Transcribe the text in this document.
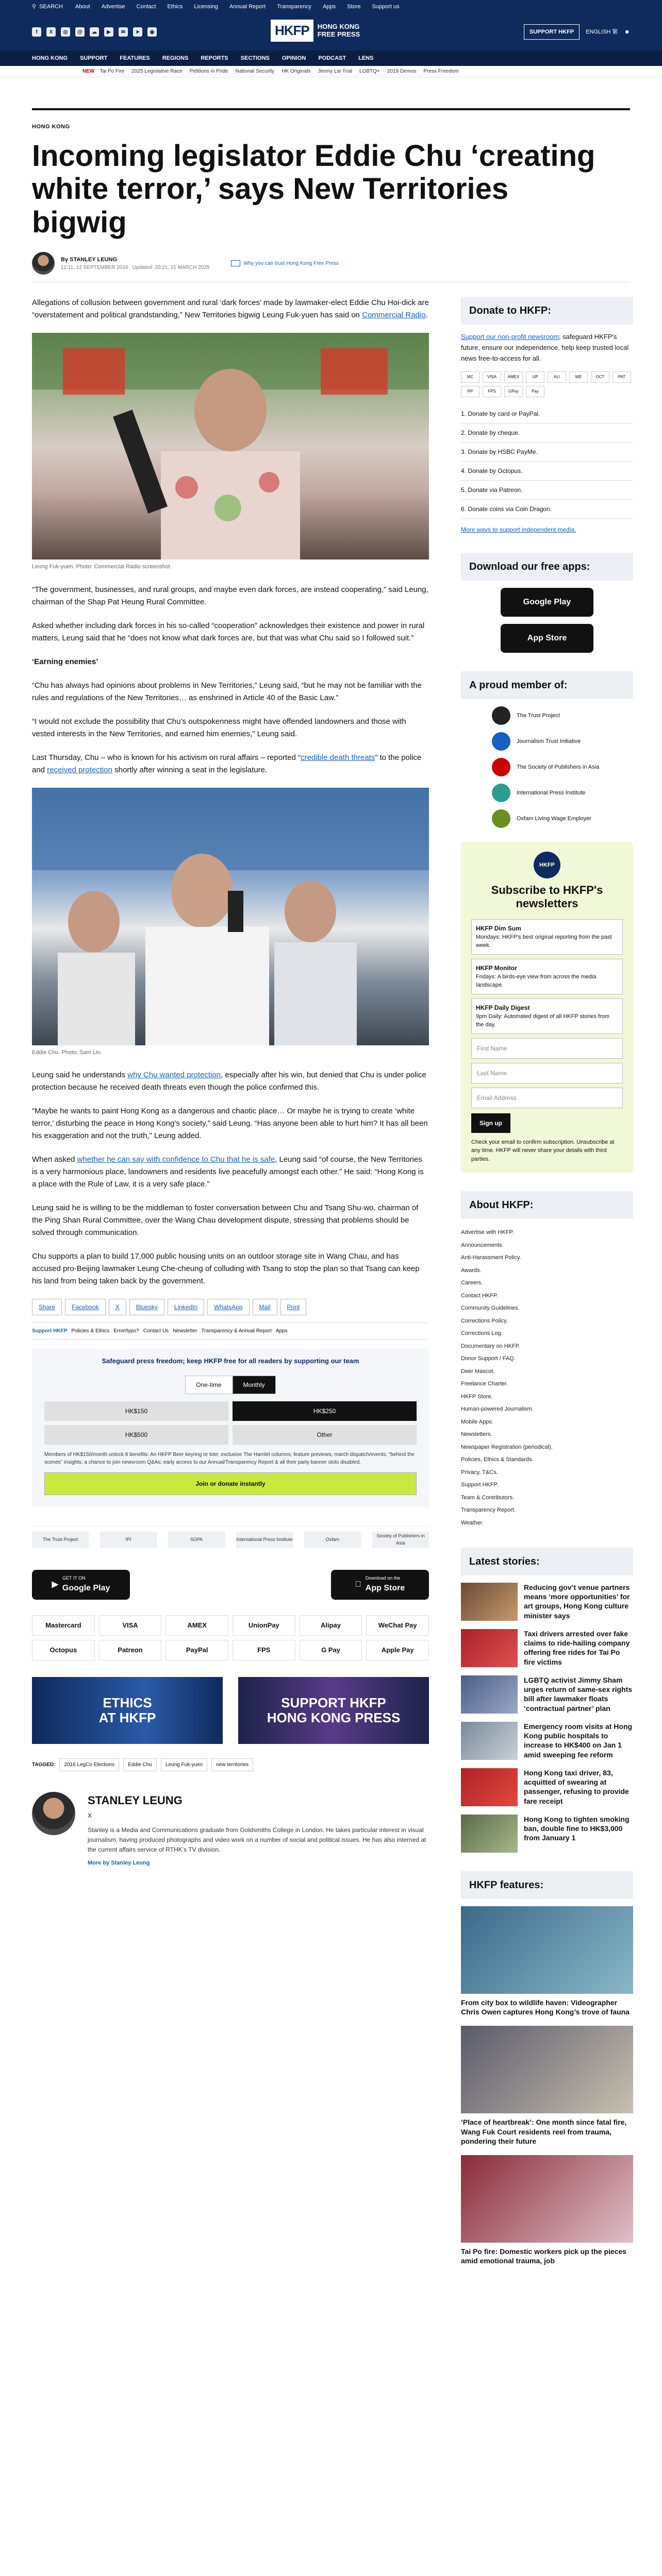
⚲ SEARCH About Advertise Contact Ethics Licensing Annual Report Transparency Apps Store Support us
f	X	◎	@	☁	▶	✉	➤	◉	HKFP	HONG KONG
FREE PRESS	SUPPORT HKFP	ENGLISH 繁 ☻
HONG KONG SUPPORT FEATURES REGIONS REPORTS SECTIONS OPINION PODCAST LENS
NEW Tai Po Fire 2025 Legislative Race Petitions in Pride National Security HK Originals Jimmy Lai Trial LGBTQ+ 2019 Demos Press Freedom
HONG KONG
Incoming legislator Eddie Chu ‘creating white terror,’ says New Territories bigwig
By STANLEY LEUNG
12:11, 12 SEPTEMBER 2016 Updated: 20:21, 21 MARCH 2025
Why you can trust Hong Kong Free Press

Allegations of collusion between government and rural ‘dark forces’ made by lawmaker-elect Eddie Chu Hoi-dick are “overstatement and political grandstanding,” New Territories bigwig Leung Fuk-yuen has said on Commercial Radio.

Leung Fuk-yuen. Photo: Commercial Radio screenshot.

“The government, businesses, and rural groups, and maybe even dark forces, are instead cooperating,” said Leung, chairman of the Shap Pat Heung Rural Committee.

Asked whether including dark forces in his so-called “cooperation” acknowledges their existence and power in rural matters, Leung said that he “does not know what dark forces are, but that was what Chu said so I followed suit.”

‘Earning enemies’

“Chu has always had opinions about problems in New Territories,” Leung said, “but he may not be familiar with the rules and regulations of the New Territories… as enshrined in Article 40 of the Basic Law.”

“I would not exclude the possibility that Chu’s outspokenness might have offended landowners and those with vested interests in the New Territories, and earned him enemies,” Leung said.

Last Thursday, Chu – who is known for his activism on rural affairs – reported “credible death threats” to the police and received protection shortly after winning a seat in the legislature.

Eddie Chu. Photo: Sam Lin.

Leung said he understands why Chu wanted protection, especially after his win, but denied that Chu is under police protection because he received death threats even though the police confirmed this.

“Maybe he wants to paint Hong Kong as a dangerous and chaotic place… Or maybe he is trying to create ‘white terror,’ disturbing the peace in Hong Kong’s society,” said Leung. “Has anyone been able to hurt him? It has all been his exaggeration and not the truth,” Leung added.

When asked whether he can say with confidence to Chu that he is safe, Leung said “of course, the New Territories is a very harmonious place, landowners and residents live peacefully amongst each other.” He said: “Hong Kong is a place with the Rule of Law, it is a very safe place.”

Leung said he is willing to be the middleman to foster conversation between Chu and Tsang Shu-wo, chairman of the Ping Shan Rural Committee, over the Wang Chau development dispute, stressing that problems should be solved through communication.

Chu supports a plan to build 17,000 public housing units on an outdoor storage site in Wang Chau, and has accused pro-Beijing lawmaker Leung Che-cheung of colluding with Tsang to stop the plan so that Tsang can keep his land from being taken back by the government.

Share	Facebook	X	Bluesky	LinkedIn	WhatsApp	Mail	Print
Support HKFP Policies & Ethics Error/typo? Contact Us Newsletter Transparency & Annual Report Apps
Safeguard press freedom; keep HKFP free for all readers by supporting our team
One-time	Monthly
HK$150	HK$250
HK$500	Other
Members of HK$150/month unlock 8 benefits: An HKFP Beer keyring or tote; exclusive The Hamlet columns; feature previews; march dispatch/events; "behind the scenes" insights; a chance to join newsroom Q&As; early access to our Annual/Transparency Report & all their party banner slots disabled.
Join or donate instantly
The Trust Project	IPI	SOPA	International Press Institute	Oxfam
Society of Publishers in Asia
▶
GET IT ON
Google Play
Download on the
App Store
Mastercard	VISA	AMEX	UnionPay	Alipay	WeChat Pay
Octopus	Patreon	PayPal	FPS	G Pay	Apple Pay
ETHICS
AT HKFP
SUPPORT HKFP
HONG KONG PRESS
TAGGED:	2016 LegCo Elections	Eddie Chu	Leung Fuk-yuen	new territories
STANLEY LEUNG
X
Stanley is a Media and Communications graduate from Goldsmiths College in London. He takes particular interest in visual journalism, having produced photographs and video work on a number of social and political issues. He has also interned at the current affairs service of RTHK’s TV division.
More by Stanley Leung
Donate to HKFP:
Support our non-profit newsroom; safeguard HKFP's future, ensure our independence, help keep trusted local news free-to-access for all.
MC	VISA	AMEX	UP	ALI	WE	OCT	PAT
PP	FPS	GPay	Pay
1. Donate by card or PayPal.
2. Donate by cheque.
3. Donate by HSBC PayMe.
4. Donate by Octopus.
5. Donate via Patreon.
6. Donate coins via Coin Dragon.
More ways to support independent media.
Download our free apps:
Google Play
App Store
A proud member of:
The Trust Project
Journalism Trust Initiative
The Society of Publishers in Asia
International Press Institute
Oxfam Living Wage Employer
HKFP
Subscribe to HKFP's newsletters
HKFP Dim Sum
Mondays: HKFP's best original reporting from the past week.
HKFP Monitor
Fridays: A birds-eye view from across the media landscape.
HKFP Daily Digest
9pm Daily: Automated digest of all HKFP stories from the day.
First Name
Last Name
Email Address
Sign up
Check your email to confirm subscription. Unsubscribe at any time. HKFP will never share your details with third parties.
About HKFP:
Advertise with HKFP.
Announcements.
Anti-Harassment Policy.
Awards.
Careers.
Contact HKFP.
Community Guidelines.
Corrections Policy.
Corrections Log.
Documentary on HKFP.
Donor Support / FAQ.
Deer Mascot.
Freelance Charter.
HKFP Store.
Human-powered Journalism.
Mobile Apps.
Newsletters.
Newspaper Registration (periodical).
Policies, Ethics & Standards.
Privacy, T&Cs.
Support HKFP.
Team & Contributors.
Transparency Report.
Weather.
Latest stories:
Reducing gov’t venue partners means ‘more opportunities’ for art groups, Hong Kong culture minister says
Taxi drivers arrested over fake claims to ride-hailing company offering free rides for Tai Po fire victims
LGBTQ activist Jimmy Sham urges return of same-sex rights bill after lawmaker floats ‘contractual partner’ plan
Emergency room visits at Hong Kong public hospitals to increase to HK$400 on Jan 1 amid sweeping fee reform
Hong Kong taxi driver, 83, acquitted of swearing at passenger, refusing to provide fare receipt
Hong Kong to tighten smoking ban, double fine to HK$3,000 from January 1
HKFP features:
From city box to wildlife haven: Videographer Chris Owen captures Hong Kong’s trove of fauna
‘Place of heartbreak’: One month since fatal fire, Wang Fuk Court residents reel from trauma, pondering their future
Tai Po fire: Domestic workers pick up the pieces amid emotional trauma, job
